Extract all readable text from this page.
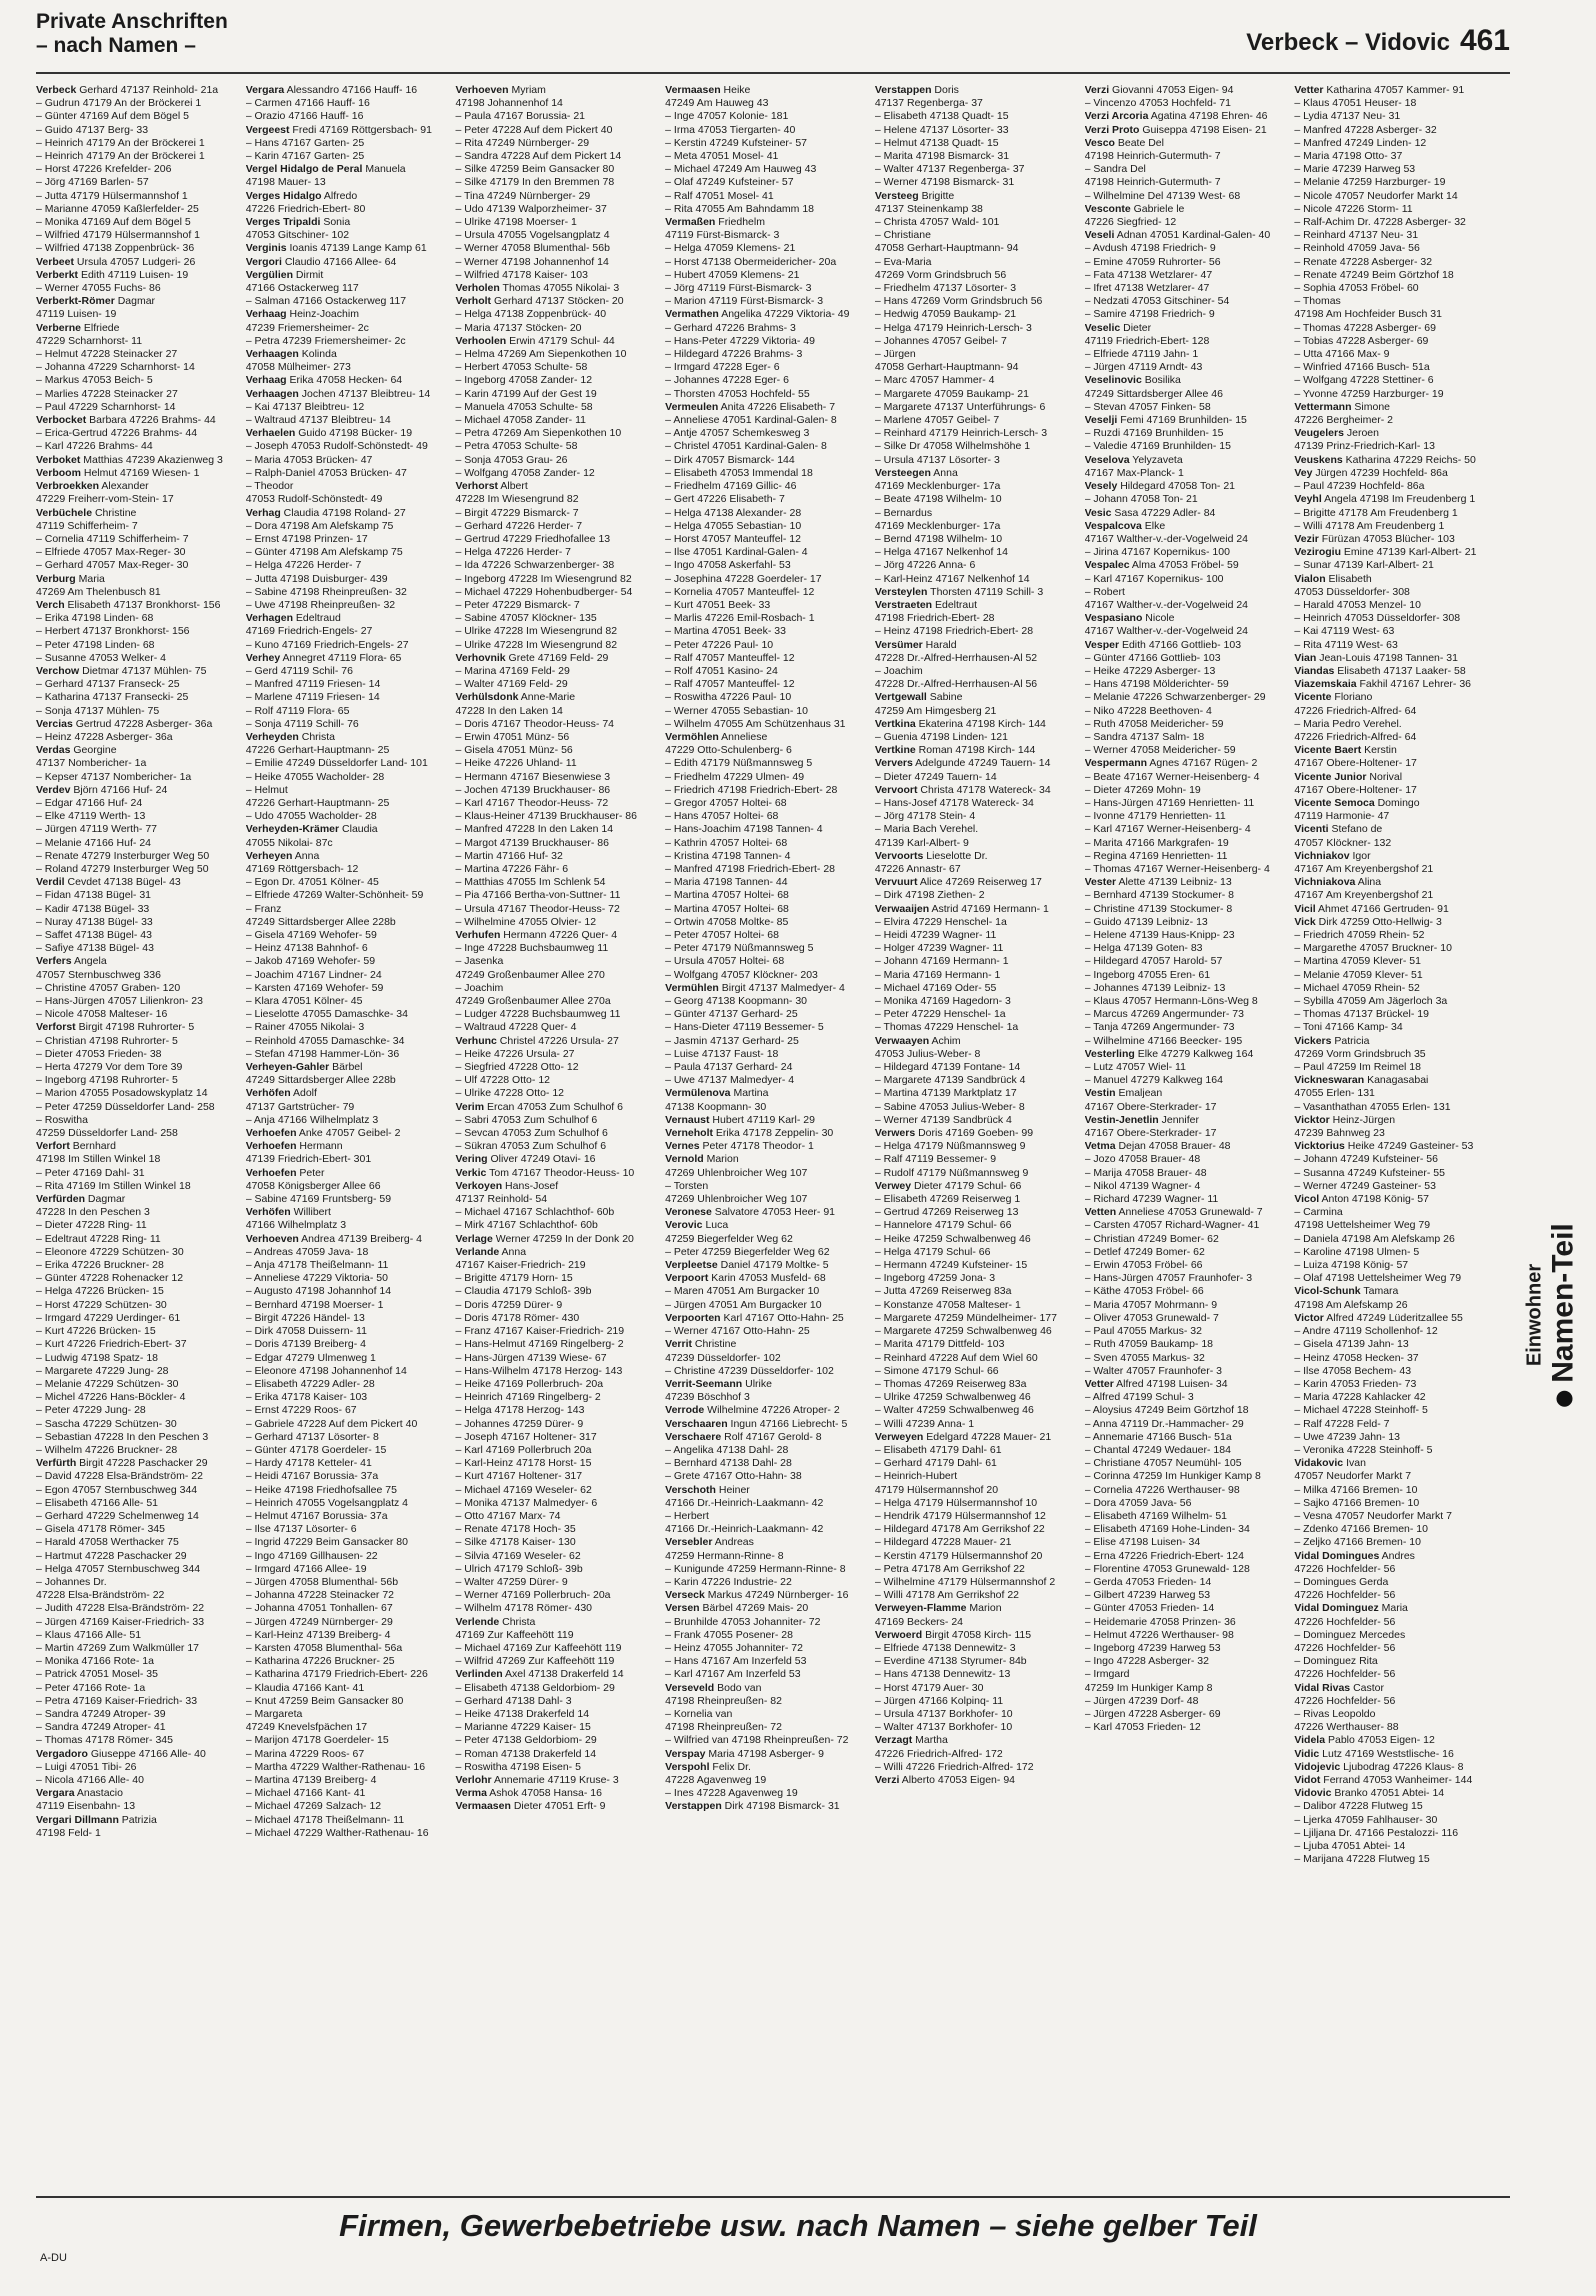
Private Anschriften
– nach Namen –	Verbeck – Vidovic 461
Verbeck Gerhard 47137 Reinhold- 21a
– Gudrun 47179 An der Bröckerei 1
– Günter 47169 Auf dem Bögel 5
– Guido 47137 Berg- 33
– Heinrich 47179 An der Bröckerei 1
– Heinrich 47179 An der Bröckerei 1
– Horst 47226 Krefelder- 206
– Jörg 47169 Barlen- 57
– Jutta 47179 Hülsermannshof 1
– Marianne 47059 Kaßlerfelder- 25
– Monika 47169 Auf dem Bögel 5
– Wilfried 47179 Hülsermannshof 1
– Wilfried 47138 Zoppenbrück- 36
Verbeet Ursula 47057 Ludgeri- 26
Verberkt Edith 47119 Luisen- 19
– Werner 47055 Fuchs- 86
Verberkt-Römer Dagmar
47119 Luisen- 19
Verberne Elfriede
47229 Scharnhorst- 11
– Helmut 47228 Steinacker 27
– Johanna 47229 Scharnhorst- 14
– Markus 47053 Beich- 5
– Marlies 47228 Steinacker 27
– Paul 47229 Scharnhorst- 14
Verbocket Barbara 47226 Brahms- 44
– Erica-Gertrud 47226 Brahms- 44
– Karl 47226 Brahms- 44
Verboket Matthias 47239 Akazienweg 3
Verboom Helmut 47169 Wiesen- 1
Verbroekken Alexander
47229 Freiherr-vom-Stein- 17
Verbüchele Christine
47119 Schifferheim- 7
– Cornelia 47119 Schifferheim- 7
– Elfriede 47057 Max-Reger- 30
– Gerhard 47057 Max-Reger- 30
Verburg Maria
47269 Am Thelenbusch 81
Verch Elisabeth 47137 Bronkhorst- 156
– Erika 47198 Linden- 68
– Herbert 47137 Bronkhorst- 156
– Peter 47198 Linden- 68
– Susanne 47053 Welker- 4
Verchow Dietmar 47137 Mühlen- 75
– Gerhard 47137 Franseck- 25
– Katharina 47137 Fransecki- 25
– Sonja 47137 Mühlen- 75
Vercias Gertrud 47228 Asberger- 36a
– Heinz 47228 Asberger- 36a
Verdas Georgine
47137 Nombericher- 1a
– Kepser 47137 Nombericher- 1a
Verdev Björn 47166 Huf- 24
– Edgar 47166 Huf- 24
– Elke 47119 Werth- 13
– Jürgen 47119 Werth- 77
– Melanie 47166 Huf- 24
– Renate 47279 Insterburger Weg 50
– Roland 47279 Insterburger Weg 50
Verdil Cevdet 47138 Bügel- 43
– Fidan 47138 Bügel- 31
– Kadir 47138 Bügel- 33
– Nuray 47138 Bügel- 33
– Saffet 47138 Bügel- 43
– Safiye 47138 Bügel- 43
Verfers Angela
47057 Sternbuschweg 336
– Christine 47057 Graben- 120
– Hans-Jürgen 47057 Lilienkron- 23
– Nicole 47058 Malteser- 16
Verforst Birgit 47198 Ruhrorter- 5
– Christian 47198 Ruhrorter- 5
– Dieter 47053 Frieden- 38
– Herta 47279 Vor dem Tore 39
– Ingeborg 47198 Ruhrorter- 5
– Marion 47055 Posadowskyplatz 14
– Peter 47259 Düsseldorfer Land- 258
– Roswitha
47259 Düsseldorfer Land- 258
Verfort Bernhard
47198 Im Stillen Winkel 18
– Peter 47169 Dahl- 31
– Rita 47169 Im Stillen Winkel 18
Verfürden Dagmar
47228 In den Peschen 3
– Dieter 47228 Ring- 11
– Edeltraut 47228 Ring- 11
– Eleonore 47229 Schützen- 30
– Erika 47226 Bruckner- 28
– Günter 47228 Rohenacker 12
– Helga 47226 Brücken- 15
– Horst 47229 Schützen- 30
– Irmgard 47229 Uerdinger- 61
– Kurt 47226 Brücken- 15
– Kurt 47226 Friedrich-Ebert- 37
– Ludwig 47198 Spatz- 18
– Margarete 47229 Jung- 28
– Melanie 47229 Schützen- 30
– Michel 47226 Hans-Böckler- 4
– Peter 47229 Jung- 28
– Sascha 47229 Schützen- 30
– Sebastian 47228 In den Peschen 3
– Wilhelm 47226 Bruckner- 28
Verfürth Birgit 47228 Paschacker 29
– David 47228 Elsa-Brändström- 22
– Egon 47057 Sternbuschweg 344
– Elisabeth 47166 Alle- 51
– Gerhard 47229 Schelmenweg 14
– Gisela 47178 Römer- 345
– Harald 47058 Werthacker 75
– Hartmut 47228 Paschacker 29
– Helga 47057 Sternbuschweg 344
– Johannes Dr.
47228 Elsa-Brändström- 22
– Judith 47228 Elsa-Brändström- 22
– Jürgen 47169 Kaiser-Friedrich- 33
– Klaus 47166 Alle- 51
– Martin 47269 Zum Walkmüller 17
– Monika 47166 Rote- 1a
– Patrick 47051 Mosel- 35
– Peter 47166 Rote- 1a
– Petra 47169 Kaiser-Friedrich- 33
– Sandra 47249 Atroper- 39
– Sandra 47249 Atroper- 41
– Thomas 47178 Römer- 345
Vergadoro Giuseppe 47166 Alle- 40
– Luigi 47051 Tibi- 26
– Nicola 47166 Alle- 40
Vergara Anastacio
47119 Eisenbahn- 13
Vergari Dillmann Patrizia
47198 Feld- 1
Vergara Alessandro 47166 Hauff- 16
– Carmen 47166 Hauff- 16
– Orazio 47166 Hauff- 16
Vergeest Fredi 47169 Röttgersbach- 91
– Hans 47167 Garten- 25
– Karin 47167 Garten- 25
Vergel Hidalgo de Peral Manuela
47198 Mauer- 13
Verges Hidalgo Alfredo
47226 Friedrich-Ebert- 80
Verges Tripaldi Sonia
47053 Gitschiner- 102
Verginis Ioanis 47139 Lange Kamp 61
Vergori Claudio 47166 Allee- 64
Vergülien Dirmit
47166 Ostackerweg 117
– Salman 47166 Ostackerweg 117
Verhaag Heinz-Joachim
47239 Friemersheimer- 2c
– Petra 47239 Friemersheimer- 2c
Verhaagen Kolinda
47058 Mülheimer- 273
Verhaag Erika 47058 Hecken- 64
Verhaagen Jochen 47137 Bleibtreu- 14
– Kai 47137 Bleibtreu- 12
– Waltraud 47137 Bleibtreu- 14
Verhaelen Guido 47198 Bücker- 19
– Joseph 47053 Rudolf-Schönstedt- 49
– Maria 47053 Brücken- 47
– Ralph-Daniel 47053 Brücken- 47
– Theodor
47053 Rudolf-Schönstedt- 49
Verhag Claudia 47198 Roland- 27
– Dora 47198 Am Alefskamp 75
– Ernst 47198 Prinzen- 17
– Günter 47198 Am Alefskamp 75
– Helga 47226 Herder- 7
– Jutta 47198 Duisburger- 439
– Sabine 47198 Rheinpreußen- 32
– Uwe 47198 Rheinpreußen- 32
Verhagen Edeltraud
47169 Friedrich-Engels- 27
– Kuno 47169 Friedrich-Engels- 27
Verhey Annegret 47119 Flora- 65
– Gerd 47119 Schil- 76
– Manfred 47119 Friesen- 14
– Marlene 47119 Friesen- 14
– Rolf 47119 Flora- 65
– Sonja 47119 Schill- 76
Verheyden Christa
47226 Gerhart-Hauptmann- 25
– Emilie 47249 Düsseldorfer Land- 101
– Heike 47055 Wacholder- 28
– Helmut
47226 Gerhart-Hauptmann- 25
– Udo 47055 Wacholder- 28
Verheyden-Krämer Claudia
47055 Nikolai- 87c
Verheyen Anna
47169 Röttgersbach- 12
– Egon Dr. 47051 Kölner- 45
– Elfriede 47269 Walter-Schönheit- 59
– Franz
47249 Sittardsberger Allee 228b
– Gisela 47169 Wehofer- 59
– Heinz 47138 Bahnhof- 6
– Jakob 47169 Wehofer- 59
– Joachim 47167 Lindner- 24
– Karsten 47169 Wehofer- 59
– Klara 47051 Kölner- 45
– Lieselotte 47055 Damaschke- 34
– Rainer 47055 Nikolai- 3
– Reinhold 47055 Damaschke- 34
– Stefan 47198 Hammer-Lön- 36
Verheyen-Gahler Bärbel
47249 Sittardsberger Allee 228b
Verhöfen Adolf
47137 Gartstrücher- 79
– Anja 47166 Wilhelmplatz 3
Verhoefen Anke 47057 Geibel- 2
Verhoefen Hermann
47139 Friedrich-Ebert- 301
Verhoefen Peter
47058 Königsberger Allee 66
– Sabine 47169 Fruntsberg- 59
Verhöfen Willibert
47166 Wilhelmplatz 3
Verhoeven Andrea 47139 Breiberg- 4
– Andreas 47059 Java- 18
– Anja 47178 Theißelmann- 11
– Anneliese 47229 Viktoria- 50
– Augusto 47198 Johannhof 14
– Bernhard 47198 Moerser- 1
– Birgit 47226 Händel- 13
– Dirk 47058 Duissern- 11
– Doris 47139 Breiberg- 4
– Edgar 47279 Ulmenweg 1
– Eleonore 47198 Johannenhof 14
– Elisabeth 47229 Adler- 28
– Erika 47178 Kaiser- 103
– Ernst 47229 Roos- 67
– Gabriele 47228 Auf dem Pickert 40
– Gerhard 47137 Lösorter- 8
– Günter 47178 Goerdeler- 15
– Hardy 47178 Ketteler- 41
– Heidi 47167 Borussia- 37a
– Heike 47198 Friedhofsallee 75
– Heinrich 47055 Vogelsangplatz 4
– Helmut 47167 Borussia- 37a
– Ilse 47137 Lösorter- 6
– Ingrid 47229 Beim Gansacker 80
– Ingo 47169 Gillhausen- 22
– Irmgard 47166 Allee- 19
– Jürgen 47058 Blumenthal- 56b
– Johanna 47228 Steinacker 72
– Johanna 47051 Tonhallen- 67
– Jürgen 47249 Nürnberger- 29
– Karl-Heinz 47139 Breiberg- 4
– Karsten 47058 Blumenthal- 56a
– Katharina 47226 Bruckner- 25
– Katharina 47179 Friedrich-Ebert- 226
– Klaudia 47166 Kant- 41
– Knut 47259 Beim Gansacker 80
– Margareta
47249 Knevelsfpächen 17
– Marijon 47178 Goerdeler- 15
– Marina 47229 Roos- 67
– Martha 47229 Walther-Rathenau- 16
– Martina 47139 Breiberg- 4
– Michael 47166 Kant- 41
– Michael 47269 Salzach- 12
– Michael 47178 Theißelmann- 11
– Michael 47229 Walther-Rathenau- 16
Verhoeven Myriam
47198 Johannenhof 14
– Paula 47167 Borussia- 21
– Peter 47228 Auf dem Pickert 40
– Rita 47249 Nürnberger- 29
– Sandra 47228 Auf dem Pickert 14
– Silke 47259 Beim Gansacker 80
– Silke 47179 In den Bremmen 78
– Tina 47249 Nürnberger- 29
– Udo 47139 Walporzheimer- 37
– Ulrike 47198 Moerser- 1
– Ursula 47055 Vogelsangplatz 4
– Werner 47058 Blumenthal- 56b
– Werner 47198 Johannenhof 14
– Wilfried 47178 Kaiser- 103
Verholen Thomas 47055 Nikolai- 3
Verholt Gerhard 47137 Stöcken- 20
– Helga 47138 Zoppenbrück- 40
– Maria 47137 Stöcken- 20
Verhoolen Erwin 47179 Schul- 44
– Helma 47269 Am Siepenkothen 10
– Herbert 47053 Schulte- 58
– Ingeborg 47058 Zander- 12
– Karin 47199 Auf der Gest 19
– Manuela 47053 Schulte- 58
– Michael 47058 Zander- 11
– Petra 47269 Am Siepenkothen 10
– Petra 47053 Schulte- 58
– Sonja 47053 Grau- 26
– Wolfgang 47058 Zander- 12
Verhorst Albert
47228 Im Wiesengrund 82
– Birgit 47229 Bismarck- 7
– Gerhard 47226 Herder- 7
– Gertrud 47229 Friedhofallee 13
– Helga 47226 Herder- 7
– Ida 47226 Schwarzenberger- 38
– Ingeborg 47228 Im Wiesengrund 82
– Michael 47229 Hohenbudberger- 54
– Peter 47229 Bismarck- 7
– Sabine 47057 Klöckner- 135
– Ulrike 47228 Im Wiesengrund 82
– Ulrike 47228 Im Wiesengrund 82
Verhovnik Grete 47169 Feld- 29
– Marina 47169 Feld- 29
– Walter 47169 Feld- 29
Verhülsdonk Anne-Marie
47228 In den Laken 14
– Doris 47167 Theodor-Heuss- 74
– Erwin 47051 Münz- 56
– Gisela 47051 Münz- 56
– Heike 47226 Uhland- 11
– Hermann 47167 Biesenwiese 3
– Jochen 47139 Bruckhauser- 86
– Karl 47167 Theodor-Heuss- 72
– Klaus-Heiner 47139 Bruckhauser- 86
– Manfred 47228 In den Laken 14
– Margot 47139 Bruckhauser- 86
– Martin 47166 Huf- 32
– Martina 47226 Fähr- 6
– Matthias 47055 Im Schlenk 54
– Pia 47166 Bertha-von-Suttner- 11
– Ursula 47167 Theodor-Heuss- 72
– Wilhelmine 47055 Olvier- 12
Verhufen Hermann 47226 Quer- 4
– Inge 47228 Buchsbaumweg 11
– Jasenka
47249 Großenbaumer Allee 270
– Joachim
47249 Großenbaumer Allee 270a
– Ludger 47228 Buchsbaumweg 11
– Waltraud 47228 Quer- 4
Verhunc Christel 47226 Ursula- 27
– Heike 47226 Ursula- 27
– Siegfried 47228 Otto- 12
– Ulf 47228 Otto- 12
– Ulrike 47228 Otto- 12
Verim Ercan 47053 Zum Schulhof 6
– Sabri 47053 Zum Schulhof 6
– Sevcan 47053 Zum Schulhof 6
– Sükran 47053 Zum Schulhof 6
Vering Oliver 47249 Otavi- 16
Verkic Tom 47167 Theodor-Heuss- 10
Verkoyen Hans-Josef
47137 Reinhold- 54
– Michael 47167 Schlachthof- 60b
– Mirk 47167 Schlachthof- 60b
Verlage Werner 47259 In der Donk 20
Verlande Anna
47167 Kaiser-Friedrich- 219
– Brigitte 47179 Horn- 15
– Claudia 47179 Schloß- 39b
– Doris 47259 Dürer- 9
– Doris 47178 Römer- 430
– Franz 47167 Kaiser-Friedrich- 219
– Hans-Helmut 47169 Ringelberg- 2
– Hans-Jürgen 47139 Wiese- 67
– Hans-Wilhelm 47178 Herzog- 143
– Heike 47169 Pollerbruch- 20a
– Heinrich 47169 Ringelberg- 2
– Helga 47178 Herzog- 143
– Johannes 47259 Dürer- 9
– Joseph 47167 Holtener- 317
– Karl 47169 Pollerbruch 20a
– Karl-Heinz 47178 Horst- 15
– Kurt 47167 Holtener- 317
– Michael 47169 Weseler- 62
– Monika 47137 Malmedyer- 6
– Otto 47167 Marx- 74
– Renate 47178 Hoch- 35
– Silke 47178 Kaiser- 130
– Silvia 47169 Weseler- 62
– Ulrich 47179 Schloß- 39b
– Walter 47259 Dürer- 9
– Werner 47169 Pollerbruch- 20a
– Wilhelm 47178 Römer- 430
Verlende Christa
47169 Zur Kaffeehött 119
– Michael 47169 Zur Kaffeehött 119
– Wilfrid 47269 Zur Kaffeehött 119
Verlinden Axel 47138 Drakerfeld 14
– Elisabeth 47138 Geldorbiom- 29
– Gerhard 47138 Dahl- 3
– Heike 47138 Drakerfeld 14
– Marianne 47229 Kaiser- 15
– Peter 47138 Geldorbiom- 29
– Roman 47138 Drakerfeld 14
– Roswitha 47198 Eisen- 5
Verlohr Annemarie 47119 Kruse- 3
Verma Ashok 47058 Hansa- 16
Vermaasen Dieter 47051 Erft- 9
Vermaasen Heike
47249 Am Hauweg 43
– Inge 47057 Kolonie- 181
– Irma 47053 Tiergarten- 40
– Kerstin 47249 Kufsteiner- 57
– Meta 47051 Mosel- 41
– Michael 47249 Am Hauweg 43
– Olaf 47249 Kufsteiner- 57
– Ralf 47051 Mosel- 41
– Rita 47055 Am Bahndamm 18
Vermaßen Friedhelm
47119 Fürst-Bismarck- 3
– Helga 47059 Klemens- 21
– Horst 47138 Obermeidericher- 20a
– Hubert 47059 Klemens- 21
– Jörg 47119 Fürst-Bismarck- 3
– Marion 47119 Fürst-Bismarck- 3
Vermathen Angelika 47229 Viktoria- 49
– Gerhard 47226 Brahms- 3
– Hans-Peter 47229 Viktoria- 49
– Hildegard 47226 Brahms- 3
– Irmgard 47228 Eger- 6
– Johannes 47228 Eger- 6
– Thorsten 47053 Hochfeld- 55
Vermeulen Anita 47226 Elisabeth- 7
– Anneliese 47051 Kardinal-Galen- 8
– Antje 47057 Schemkesweg 3
– Christel 47051 Kardinal-Galen- 8
– Dirk 47057 Bismarck- 144
– Elisabeth 47053 Immendal 18
– Friedhelm 47169 Gillic- 46
– Gert 47226 Elisabeth- 7
– Helga 47138 Alexander- 28
– Helga 47055 Sebastian- 10
– Horst 47057 Manteuffel- 12
– Ilse 47051 Kardinal-Galen- 4
– Ingo 47058 Askerfahl- 53
– Josephina 47228 Goerdeler- 17
– Kornelia 47057 Manteuffel- 12
– Kurt 47051 Beek- 33
– Marlis 47226 Emil-Rosbach- 1
– Martina 47051 Beek- 33
– Peter 47226 Paul- 10
– Ralf 47057 Manteuffel- 12
– Rolf 47051 Kasino- 24
– Ralf 47057 Manteuffel- 12
– Roswitha 47226 Paul- 10
– Werner 47055 Sebastian- 10
– Wilhelm 47055 Am Schützenhaus 31
Vermöhlen Anneliese
47229 Otto-Schulenberg- 6
– Edith 47179 Nüßmannsweg 5
– Friedhelm 47229 Ulmen- 49
– Friedrich 47198 Friedrich-Ebert- 28
– Gregor 47057 Holtei- 68
– Hans 47057 Holtei- 68
– Hans-Joachim 47198 Tannen- 4
– Kathrin 47057 Holtei- 68
– Kristina 47198 Tannen- 4
– Manfred 47198 Friedrich-Ebert- 28
– Maria 47198 Tannen- 44
– Martina 47057 Holtei- 68
– Martina 47057 Holtei- 68
– Ortwin 47058 Moltke- 85
– Peter 47057 Holtei- 68
– Peter 47179 Nüßmannsweg 5
– Ursula 47057 Holtei- 68
– Wolfgang 47057 Klöckner- 203
Vermühlen Birgit 47137 Malmedyer- 4
– Georg 47138 Koopmann- 30
– Günter 47137 Gerhard- 25
– Hans-Dieter 47119 Bessemer- 5
– Jasmin 47137 Gerhard- 25
– Luise 47137 Faust- 18
– Paula 47137 Gerhard- 24
– Uwe 47137 Malmedyer- 4
Vermülenova Martina
47138 Koopmann- 30
Vernaust Hubert 47119 Karl- 29
Verneholt Erika 47178 Zeppelin- 30
Vernes Peter 47178 Theodor- 1
Vernold Marion
47269 Uhlenbroicher Weg 107
– Torsten
47269 Uhlenbroicher Weg 107
Veronese Salvatore 47053 Heer- 91
Verovic Luca
47259 Biegerfelder Weg 62
– Peter 47259 Biegerfelder Weg 62
Verpleetse Daniel 47179 Moltke- 5
Verpoort Karin 47053 Musfeld- 68
– Maren 47051 Am Burgacker 10
– Jürgen 47051 Am Burgacker 10
Verpoorten Karl 47167 Otto-Hahn- 25
– Werner 47167 Otto-Hahn- 25
Verrit Christine
47239 Düsseldorfer- 102
– Christine 47239 Düsseldorfer- 102
Verrit-Seemann Ulrike
47239 Böschhof 3
Verrode Wilhelmine 47226 Atroper- 2
Verschaaren Ingun 47166 Liebrecht- 5
Verschaere Rolf 47167 Gerold- 8
– Angelika 47138 Dahl- 28
– Bernhard 47138 Dahl- 28
– Grete 47167 Otto-Hahn- 38
Verschoth Heiner
47166 Dr.-Heinrich-Laakmann- 42
– Herbert
47166 Dr.-Heinrich-Laakmann- 42
Versebler Andreas
47259 Hermann-Rinne- 8
– Kunigunde 47259 Hermann-Rinne- 8
– Karin 47226 Industrie- 22
Verseck Markus 47249 Nürnberger- 16
Versen Bärbel 47269 Mais- 20
– Brunhilde 47053 Johanniter- 72
– Frank 47055 Posener- 28
– Heinz 47055 Johanniter- 72
– Hans 47167 Am Inzerfeld 53
– Karl 47167 Am Inzerfeld 53
Verseveld Bodo van
47198 Rheinpreußen- 82
– Kornelia van
47198 Rheinpreußen- 72
– Wilfried van 47198 Rheinpreußen- 72
Verspay Maria 47198 Asberger- 9
Verspohl Felix Dr.
47228 Agavenweg 19
– Ines 47228 Agavenweg 19
Verstappen Dirk 47198 Bismarck- 31
Verstappen Doris
47137 Regenberga- 37
– Elisabeth 47138 Quadt- 15
– Helene 47137 Lösorter- 33
– Helmut 47138 Quadt- 15
– Marita 47198 Bismarck- 31
– Walter 47137 Regenberga- 37
– Werner 47198 Bismarck- 31
Versteeg Brigitte
47137 Steinenkamp 38
– Christa 47057 Wald- 101
– Christiane
47058 Gerhart-Hauptmann- 94
– Eva-Maria
47269 Vorm Grindsbruch 56
– Friedhelm 47137 Lösorter- 3
– Hans 47269 Vorm Grindsbruch 56
– Hedwig 47059 Baukamp- 21
– Helga 47179 Heinrich-Lersch- 3
– Johannes 47057 Geibel- 7
– Jürgen
47058 Gerhart-Hauptmann- 94
– Marc 47057 Hammer- 4
– Margarete 47059 Baukamp- 21
– Margarete 47137 Unterführungs- 6
– Marlene 47057 Geibel- 7
– Reinhard 47179 Heinrich-Lersch- 3
– Silke Dr 47058 Wilhelmshöhe 1
– Ursula 47137 Lösorter- 3
Versteegen Anna
47169 Mecklenburger- 17a
– Beate 47198 Wilhelm- 10
– Bernardus
47169 Mecklenburger- 17a
– Bernd 47198 Wilhelm- 10
– Helga 47167 Nelkenhof 14
– Jörg 47226 Anna- 6
– Karl-Heinz 47167 Nelkenhof 14
Versteylen Thorsten 47119 Schill- 3
Verstraeten Edeltraut
47198 Friedrich-Ebert- 28
– Heinz 47198 Friedrich-Ebert- 28
Versümer Harald
47228 Dr.-Alfred-Herrhausen-Al 52
– Joachim
47228 Dr.-Alfred-Herrhausen-Al 56
Vertgewall Sabine
47259 Am Himgesberg 21
Vertkina Ekaterina 47198 Kirch- 144
– Guenia 47198 Linden- 121
Vertkine Roman 47198 Kirch- 144
Ververs Adelgunde 47249 Tauern- 14
– Dieter 47249 Tauern- 14
Vervoort Christa 47178 Watereck- 34
– Hans-Josef 47178 Watereck- 34
– Jörg 47178 Stein- 4
– Maria Bach Verehel.
47139 Karl-Albert- 9
Vervoorts Lieselotte Dr.
47226 Annastr- 67
Vervuurt Alice 47269 Reiserweg 17
– Dirk 47198 Ziethen- 2
Verwaaijen Astrid 47169 Hermann- 1
– Elvira 47229 Henschel- 1a
– Heidi 47239 Wagner- 11
– Holger 47239 Wagner- 11
– Johann 47169 Hermann- 1
– Maria 47169 Hermann- 1
– Michael 47169 Oder- 55
– Monika 47169 Hagedorn- 3
– Peter 47229 Henschel- 1a
– Thomas 47229 Henschel- 1a
Verwaayen Achim
47053 Julius-Weber- 8
– Hildegard 47139 Fontane- 14
– Margarete 47139 Sandbrück 4
– Martina 47139 Marktplatz 17
– Sabine 47053 Julius-Weber- 8
– Werner 47139 Sandbrück 4
Verwers Doris 47169 Goeben- 99
– Helga 47179 Nüßmannsweg 9
– Ralf 47119 Bessemer- 9
– Rudolf 47179 Nüßmannsweg 9
Verwey Dieter 47179 Schul- 66
– Elisabeth 47269 Reiserweg 1
– Gertrud 47269 Reiserweg 13
– Hannelore 47179 Schul- 66
– Heike 47259 Schwalbenweg 46
– Helga 47179 Schul- 66
– Hermann 47249 Kufsteiner- 15
– Ingeborg 47259 Jona- 3
– Jutta 47269 Reiserweg 83a
– Konstanze 47058 Malteser- 1
– Margarete 47259 Mündelheimer- 177
– Margarete 47259 Schwalbenweg 46
– Marita 47179 Dittfeld- 103
– Reinhard 47228 Auf dem Wiel 60
– Simone 47179 Schul- 66
– Thomas 47269 Reiserweg 83a
– Ulrike 47259 Schwalbenweg 46
– Walter 47259 Schwalbenweg 46
– Willi 47239 Anna- 1
Verweyen Edelgard 47228 Mauer- 21
– Elisabeth 47179 Dahl- 61
– Gerhard 47179 Dahl- 61
– Heinrich-Hubert
47179 Hülsermannshof 20
– Helga 47179 Hülsermannshof 10
– Hendrik 47179 Hülsermannshof 12
– Hildegard 47178 Am Gerrikshof 22
– Hildegard 47228 Mauer- 21
– Kerstin 47179 Hülsermannshof 20
– Petra 47178 Am Gerrikshof 22
– Wilhelmine 47179 Hülsermannshof 2
– Willi 47178 Am Gerrikshof 22
Verweyen-Flamme Marion
47169 Beckers- 24
Verwoerd Birgit 47058 Kirch- 115
– Elfriede 47138 Dennewitz- 3
– Everdine 47138 Styrumer- 84b
– Hans 47138 Dennewitz- 13
– Horst 47179 Auer- 30
– Jürgen 47166 Kolpinq- 11
– Ursula 47137 Borkhofer- 10
– Walter 47137 Borkhofer- 10
Verzagt Martha
47226 Friedrich-Alfred- 172
– Willi 47226 Friedrich-Alfred- 172
Verzi Alberto 47053 Eigen- 94
Verzi Giovanni 47053 Eigen- 94
– Vincenzo 47053 Hochfeld- 71
Verzi Arcoria Agatina 47198 Ehren- 46
Verzi Proto Guiseppa 47198 Eisen- 21
Vesco Beate Del
47198 Heinrich-Gutermuth- 7
– Sandra Del
47198 Heinrich-Gutermuth- 7
– Wilhelmine Del 47139 West- 68
Vesconte Gabriele le
47226 Siegfried- 12
Veseli Adnan 47051 Kardinal-Galen- 40
– Avdush 47198 Friedrich- 9
– Emine 47059 Ruhrorter- 56
– Fata 47138 Wetzlarer- 47
– Ifret 47138 Wetzlarer- 47
– Nedzati 47053 Gitschiner- 54
– Samire 47198 Friedrich- 9
Veselic Dieter
47119 Friedrich-Ebert- 128
– Elfriede 47119 Jahn- 1
– Jürgen 47119 Arndt- 43
Veselinovic Bosilika
47249 Sittardsberger Allee 46
– Stevan 47057 Finken- 58
Veselji Femi 47169 Brunhilden- 15
– Ruzdi 47169 Brunhilden- 15
– Valedie 47169 Brunhilden- 15
Veselova Yelyzaveta
47167 Max-Planck- 1
Vesely Hildegard 47058 Ton- 21
– Johann 47058 Ton- 21
Vesic Sasa 47229 Adler- 84
Vespalcova Elke
47167 Walther-v.-der-Vogelweid 24
– Jirina 47167 Kopernikus- 100
Vespalec Alma 47053 Fröbel- 59
– Karl 47167 Kopernikus- 100
– Robert
47167 Walther-v.-der-Vogelweid 24
Vespasiano Nicole
47167 Walther-v.-der-Vogelweid 24
Vesper Edith 47166 Gottlieb- 103
– Günter 47166 Gottlieb- 103
– Heike 47229 Asberger- 13
– Hans 47198 Mölderichter- 59
– Melanie 47226 Schwarzenberger- 29
– Niko 47228 Beethoven- 4
– Ruth 47058 Meidericher- 59
– Sandra 47137 Salm- 18
– Werner 47058 Meidericher- 59
Vespermann Agnes 47167 Rügen- 2
– Beate 47167 Werner-Heisenberg- 4
– Dieter 47269 Mohn- 19
– Hans-Jürgen 47169 Henrietten- 11
– Ivonne 47179 Henrietten- 11
– Karl 47167 Werner-Heisenberg- 4
– Marita 47166 Markgrafen- 19
– Regina 47169 Henrietten- 11
– Thomas 47167 Werner-Heisenberg- 4
Vester Alette 47139 Leibniz- 13
– Bernhard 47139 Stockumer- 8
– Christine 47139 Stockumer- 8
– Guido 47139 Leibniz- 13
– Helene 47139 Haus-Knipp- 23
– Helga 47139 Goten- 83
– Hildegard 47057 Harold- 57
– Ingeborg 47055 Eren- 61
– Johannes 47139 Leibniz- 13
– Klaus 47057 Hermann-Löns-Weg 8
– Marcus 47269 Angermunder- 73
– Tanja 47269 Angermunder- 73
– Wilhelmine 47166 Beecker- 195
Vesterling Elke 47279 Kalkweg 164
– Lutz 47057 Wiel- 11
– Manuel 47279 Kalkweg 164
Vestin Emaljean
47167 Obere-Sterkrader- 17
Vestin-Jenetlin Jennifer
47167 Obere-Sterkrader- 17
Vetma Dejan 47058 Brauer- 48
– Jozo 47058 Brauer- 48
– Marija 47058 Brauer- 48
– Nikol 47139 Wagner- 4
– Richard 47239 Wagner- 11
Vetten Anneliese 47053 Grunewald- 7
– Carsten 47057 Richard-Wagner- 41
– Christian 47249 Bomer- 62
– Detlef 47249 Bomer- 62
– Erwin 47053 Fröbel- 66
– Hans-Jürgen 47057 Fraunhofer- 3
– Käthe 47053 Fröbel- 66
– Maria 47057 Mohrmann- 9
– Oliver 47053 Grunewald- 7
– Paul 47055 Markus- 32
– Ruth 47059 Baukamp- 18
– Sven 47055 Markus- 32
– Walter 47057 Fraunhofer- 3
Vetter Alfred 47198 Luisen- 34
– Alfred 47199 Schul- 3
– Aloysius 47249 Beim Görtzhof 18
– Anna 47119 Dr.-Hammacher- 29
– Annemarie 47166 Busch- 51a
– Chantal 47249 Wedauer- 184
– Christiane 47057 Neumühl- 105
– Corinna 47259 Im Hunkiger Kamp 8
– Cornelia 47226 Werthauser- 98
– Dora 47059 Java- 56
– Elisabeth 47169 Wilhelm- 51
– Elisabeth 47169 Hohe-Linden- 34
– Elise 47198 Luisen- 34
– Erna 47226 Friedrich-Ebert- 124
– Florentine 47053 Grunewald- 128
– Gerda 47053 Frieden- 14
– Gilbert 47239 Harweg 53
– Günter 47053 Frieden- 14
– Heidemarie 47058 Prinzen- 36
– Helmut 47226 Werthauser- 98
– Ingeborg 47239 Harweg 53
– Ingo 47228 Asberger- 32
– Irmgard
47259 Im Hunkiger Kamp 8
– Jürgen 47239 Dorf- 48
– Jürgen 47228 Asberger- 69
– Karl 47053 Frieden- 12
Vetter Katharina 47057 Kammer- 91
– Klaus 47051 Heuser- 18
– Lydia 47137 Neu- 31
– Manfred 47228 Asberger- 32
– Manfred 47249 Linden- 12
– Maria 47198 Otto- 37
– Marie 47239 Harweg 53
– Melanie 47259 Harzburger- 19
– Nicole 47057 Neudorfer Markt 14
– Nicole 47226 Storm- 11
– Ralf-Achim Dr. 47228 Asberger- 32
– Reinhard 47137 Neu- 31
– Reinhold 47059 Java- 56
– Renate 47228 Asberger- 32
– Renate 47249 Beim Görtzhof 18
– Sophia 47053 Fröbel- 60
– Thomas
47198 Am Hochfeider Busch 31
– Thomas 47228 Asberger- 69
– Tobias 47228 Asberger- 69
– Utta 47166 Max- 9
– Winfried 47166 Busch- 51a
– Wolfgang 47228 Stettiner- 6
– Yvonne 47259 Harzburger- 19
Vettermann Simone
47226 Bergheimer- 2
Veugelers Jeroen
47139 Prinz-Friedrich-Karl- 13
Veuskens Katharina 47229 Reichs- 50
Vey Jürgen 47239 Hochfeld- 86a
– Paul 47239 Hochfeld- 86a
Veyhl Angela 47198 Im Freudenberg 1
– Brigitte 47178 Am Freudenberg 1
– Willi 47178 Am Freudenberg 1
Vezir Fürüzan 47053 Blücher- 103
Vezirogiu Emine 47139 Karl-Albert- 21
– Sunar 47139 Karl-Albert- 21
Vialon Elisabeth
47053 Düsseldorfer- 308
– Harald 47053 Menzel- 10
– Heinrich 47053 Düsseldorfer- 308
– Kai 47119 West- 63
– Rita 47119 West- 63
Vian Jean-Louis 47198 Tannen- 31
Viandas Elisabeth 47137 Laaker- 58
Viazemskaia Fakhil 47167 Lehrer- 36
Vicente Floriano
47226 Friedrich-Alfred- 64
– Maria Pedro Verehel.
47226 Friedrich-Alfred- 64
Vicente Baert Kerstin
47167 Obere-Holtener- 17
Vicente Junior Norival
47167 Obere-Holtener- 17
Vicente Semoca Domingo
47119 Harmonie- 47
Vicenti Stefano de
47057 Klöckner- 132
Vichniakov Igor
47167 Am Kreyenbergshof 21
Vichniakova Alina
47167 Am Kreyenbergshof 21
Vicil Ahmet 47166 Gertruden- 91
Vick Dirk 47259 Otto-Hellwig- 3
– Friedrich 47059 Rhein- 52
– Margarethe 47057 Bruckner- 10
– Martina 47059 Klever- 51
– Melanie 47059 Klever- 51
– Michael 47059 Rhein- 52
– Sybilla 47059 Am Jägerloch 3a
– Thomas 47137 Brückel- 19
– Toni 47166 Kamp- 34
Vickers Patricia
47269 Vorm Grindsbruch 35
– Paul 47259 Im Reimel 18
Vickneswaran Kanagasabai
47055 Erlen- 131
– Vasanthathan 47055 Erlen- 131
Vicktor Heinz-Jürgen
47239 Bahnweg 23
Vicktorius Heike 47249 Gasteiner- 53
– Johann 47249 Kufsteiner- 56
– Susanna 47249 Kufsteiner- 55
– Werner 47249 Gasteiner- 53
Vicol Anton 47198 König- 57
– Carmina
47198 Uettelsheimer Weg 79
– Daniela 47198 Am Alefskamp 26
– Karoline 47198 Ulmen- 5
– Luiza 47198 König- 57
– Olaf 47198 Uettelsheimer Weg 79
Vicol-Schunk Tamara
47198 Am Alefskamp 26
Victor Alfred 47249 Lüderitzallee 55
– Andre 47119 Schollenhof- 12
– Gisela 47139 Jahn- 13
– Heinz 47058 Hecken- 37
– Ilse 47058 Bechem- 43
– Karin 47053 Frieden- 73
– Maria 47228 Kahlacker 42
– Michael 47228 Steinhoff- 5
– Ralf 47228 Feld- 7
– Uwe 47239 Jahn- 13
– Veronika 47228 Steinhoff- 5
Vidakovic Ivan
47057 Neudorfer Markt 7
– Milka 47166 Bremen- 10
– Sajko 47166 Bremen- 10
– Vesna 47057 Neudorfer Markt 7
– Zdenko 47166 Bremen- 10
– Zeljko 47166 Bremen- 10
Vidal Domingues Andres
47226 Hochfelder- 56
– Domingues Gerda
47226 Hochfelder- 56
Vidal Dominguez Maria
47226 Hochfelder- 56
– Dominguez Mercedes
47226 Hochfelder- 56
– Dominguez Rita
47226 Hochfelder- 56
Vidal Rivas Castor
47226 Hochfelder- 56
– Rivas Leopoldo
47226 Werthauser- 88
Videla Pablo 47053 Eigen- 12
Vidic Lutz 47169 Weststlische- 16
Vidojevic Ljubodrag 47226 Klaus- 8
Vidot Ferrand 47053 Wanheimer- 144
Vidovic Branko 47051 Abtei- 14
– Dalibor 47228 Flutweg 15
– Ljerka 47059 Fahlhauser- 30
– Ljiljana Dr. 47166 Pestalozzi- 116
– Ljuba 47051 Abtei- 14
– Marijana 47228 Flutweg 15
Einwohner Namen-Teil
Firmen, Gewerbebetriebe usw. nach Namen – siehe gelber Teil
A-DU
